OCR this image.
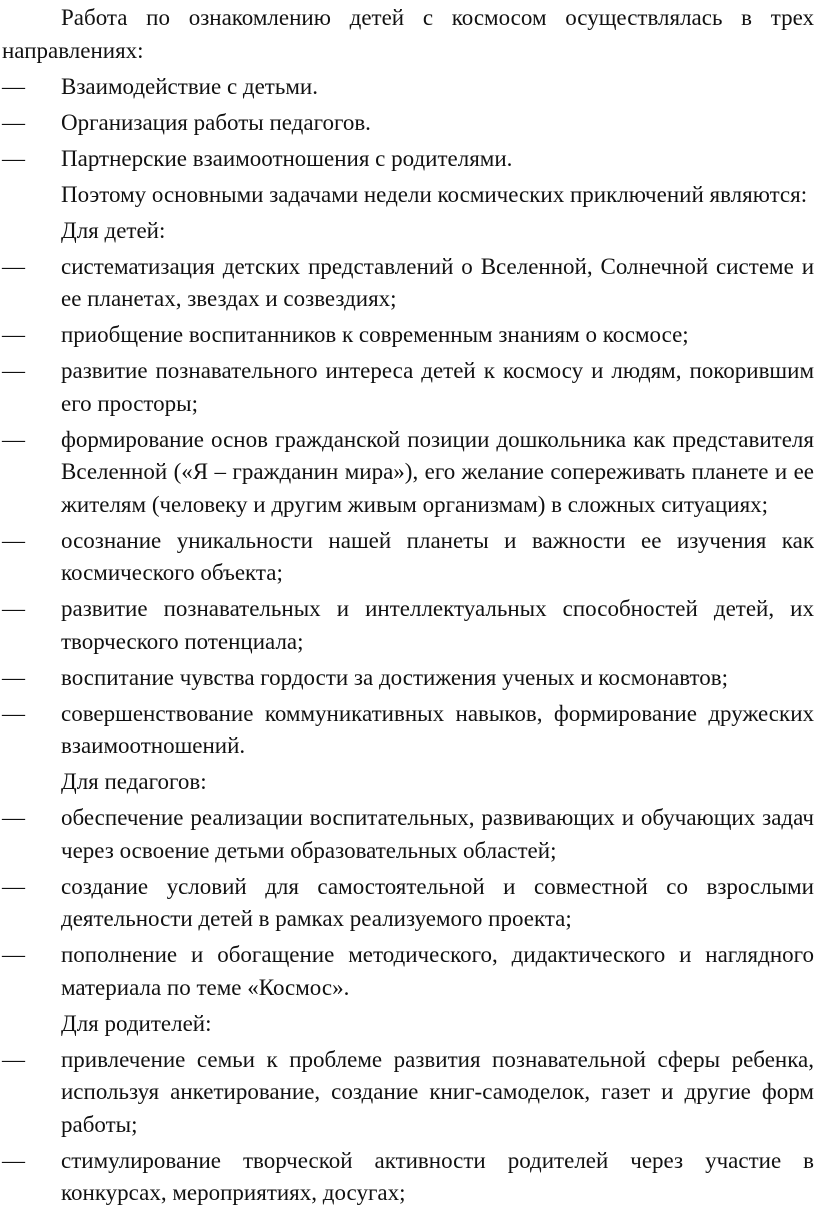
Работа по ознакомлению детей с космосом осуществлялась в трех направлениях:

—	Взаимодействие с детьми.
—	Организация работы педагогов.
—	Партнерские взаимоотношения с родителями.

Поэтому основными задачами недели космических приключений являются:

Для детей:

—	систематизация детских представлений о Вселенной, Солнечной системе и ее планетах, звездах и созвездиях;
—	приобщение воспитанников к современным знаниям о космосе;
—	развитие познавательного интереса детей к космосу и людям, покорившим его просторы;
—	формирование основ гражданской позиции дошкольника как представителя Вселенной («Я – гражданин мира»), его желание сопереживать планете и ее жителям (человеку и другим живым организмам) в сложных ситуациях;
—	осознание уникальности нашей планеты и важности ее изучения как космического объекта;
—	развитие познавательных и интеллектуальных способностей детей, их творческого потенциала;
—	воспитание чувства гордости за достижения ученых и космонавтов;
—	совершенствование коммуникативных навыков, формирование дружеских взаимоотношений.

Для педагогов:

—	обеспечение реализации воспитательных, развивающих и обучающих задач через освоение детьми образовательных областей;
—	создание условий для самостоятельной и совместной со взрослыми деятельности детей в рамках реализуемого проекта;
—	пополнение и обогащение методического, дидактического и наглядного материала по теме «Космос».

Для родителей:

—	привлечение семьи к проблеме развития познавательной сферы ребенка, используя анкетирование, создание книг-самоделок, газет и другие форм работы;
—	стимулирование творческой активности родителей через участие в конкурсах, мероприятиях, досугах;
